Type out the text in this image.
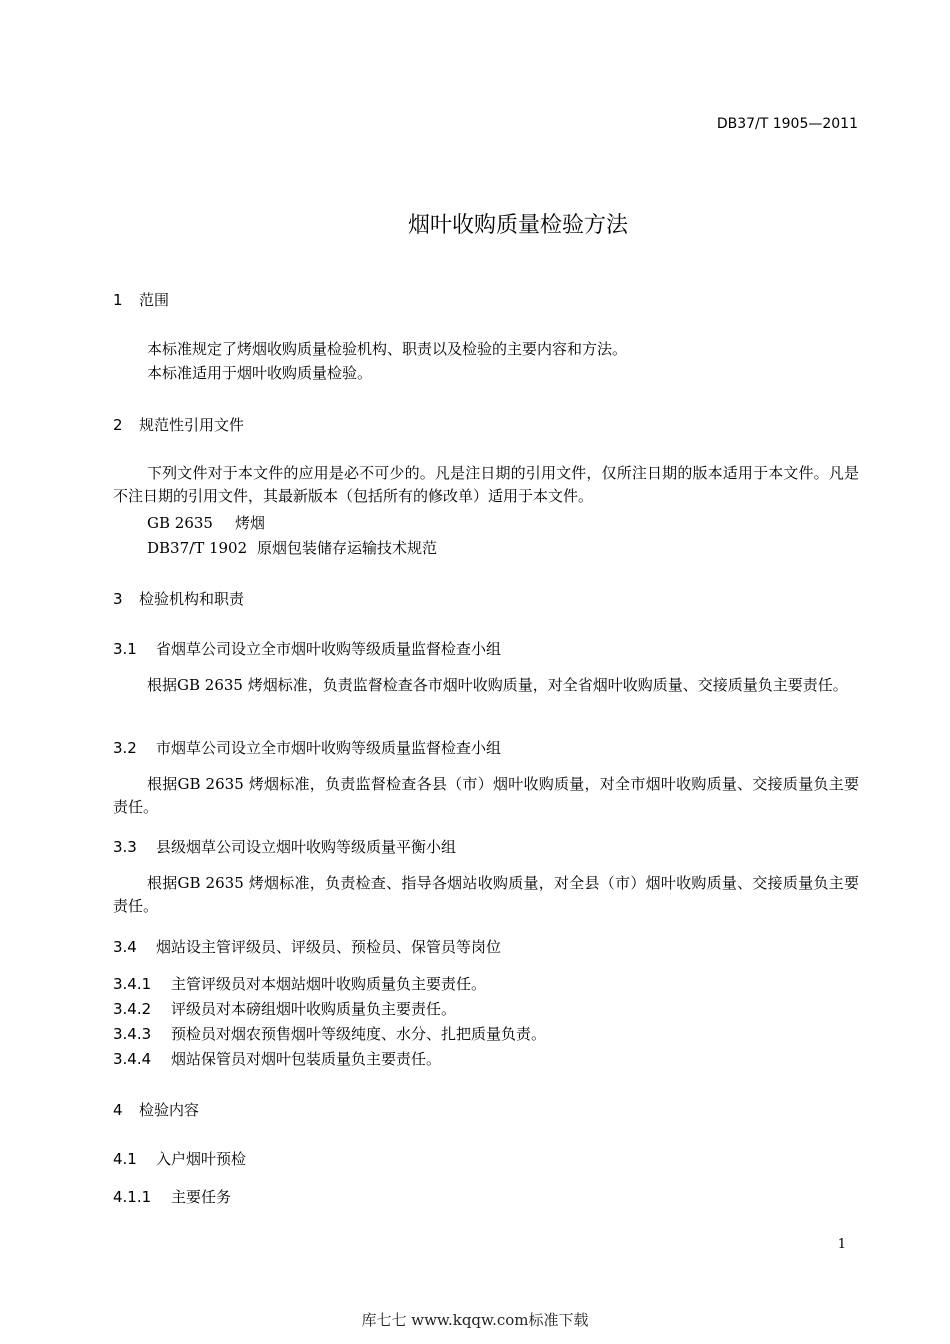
DB37/T 1905—2011
烟叶收购质量检验方法
1 范围
本标准规定了烤烟收购质量检验机构、职责以及检验的主要内容和方法。
本标准适用于烟叶收购质量检验。
2 规范性引用文件
下列文件对于本文件的应用是必不可少的。凡是注日期的引用文件，仅所注日期的版本适用于本文件。凡是不注日期的引用文件，其最新版本（包括所有的修改单）适用于本文件。
GB 2635 烤烟
DB37/T 1902 原烟包装储存运输技术规范
3 检验机构和职责
3.1 省烟草公司设立全市烟叶收购等级质量监督检查小组
根据GB 2635 烤烟标准，负责监督检查各市烟叶收购质量，对全省烟叶收购质量、交接质量负主要责任。
3.2 市烟草公司设立全市烟叶收购等级质量监督检查小组
根据GB 2635 烤烟标准，负责监督检查各县（市）烟叶收购质量，对全市烟叶收购质量、交接质量负主要责任。
3.3 县级烟草公司设立烟叶收购等级质量平衡小组
根据GB 2635 烤烟标准，负责检查、指导各烟站收购质量，对全县（市）烟叶收购质量、交接质量负主要责任。
3.4 烟站设主管评级员、评级员、预检员、保管员等岗位
3.4.1 主管评级员对本烟站烟叶收购质量负主要责任。
3.4.2 评级员对本磅组烟叶收购质量负主要责任。
3.4.3 预检员对烟农预售烟叶等级纯度、水分、扎把质量负责。
3.4.4 烟站保管员对烟叶包装质量负主要责任。
4 检验内容
4.1 入户烟叶预检
4.1.1 主要任务
1
库七七 www.kqqw.com标准下载
